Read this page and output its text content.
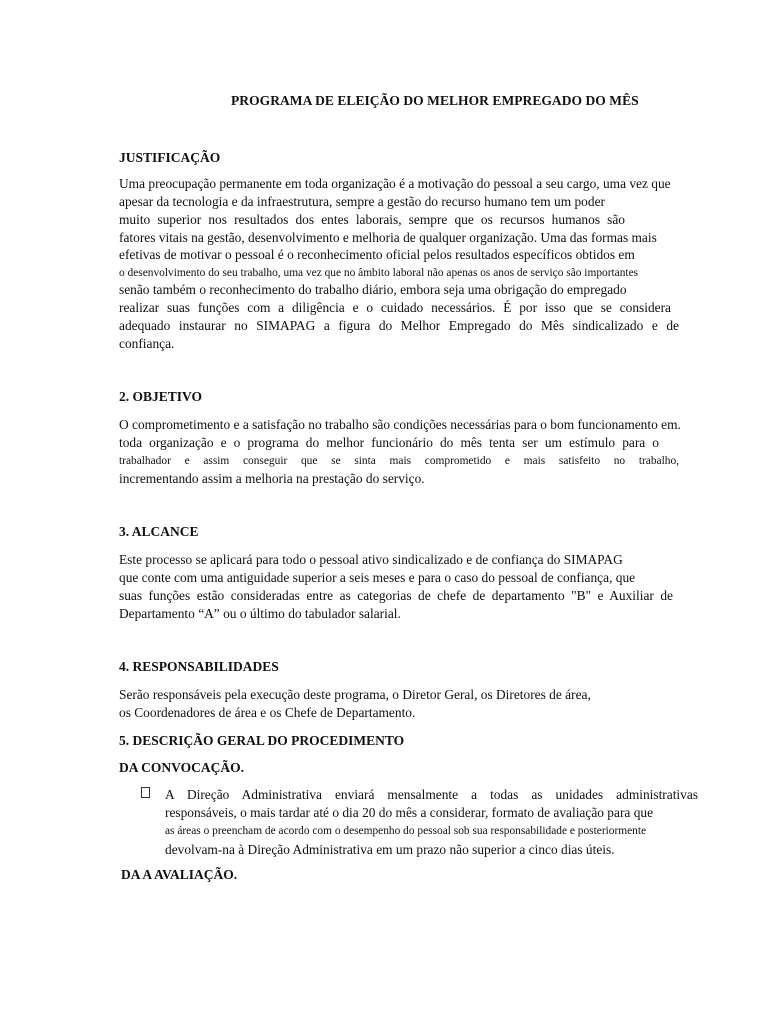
PROGRAMA DE ELEIÇÃO DO MELHOR EMPREGADO DO MÊS
JUSTIFICAÇÃO
Uma preocupação permanente em toda organização é a motivação do pessoal a seu cargo, uma vez que
apesar da tecnologia e da infraestrutura, sempre a gestão do recurso humano tem um poder
muito superior nos resultados dos entes laborais, sempre que os recursos humanos são
fatores vitais na gestão, desenvolvimento e melhoria de qualquer organização. Uma das formas mais
efetivas de motivar o pessoal é o reconhecimento oficial pelos resultados específicos obtidos em
o desenvolvimento do seu trabalho, uma vez que no âmbito laboral não apenas os anos de serviço são importantes
senão também o reconhecimento do trabalho diário, embora seja uma obrigação do empregado
realizar suas funções com a diligência e o cuidado necessários. É por isso que se considera
adequado instaurar no SIMAPAG a figura do Melhor Empregado do Mês sindicalizado e de
confiança.
2. OBJETIVO
O comprometimento e a satisfação no trabalho são condições necessárias para o bom funcionamento em.
toda organização e o programa do melhor funcionário do mês tenta ser um estímulo para o
trabalhador e assim conseguir que se sinta mais comprometido e mais satisfeito no trabalho,
incrementando assim a melhoria na prestação do serviço.
3. ALCANCE
Este processo se aplicará para todo o pessoal ativo sindicalizado e de confiança do SIMAPAG
que conte com uma antiguidade superior a seis meses e para o caso do pessoal de confiança, que
suas funções estão consideradas entre as categorias de chefe de departamento "B" e Auxiliar de
Departamento “A” ou o último do tabulador salarial.
4. RESPONSABILIDADES
Serão responsáveis pela execução deste programa, o Diretor Geral, os Diretores de área,
os Coordenadores de área e os Chefe de Departamento.
5. DESCRIÇÃO GERAL DO PROCEDIMENTO
DA CONVOCAÇÃO.
A Direção Administrativa enviará mensalmente a todas as unidades administrativas
responsáveis, o mais tardar até o dia 20 do mês a considerar, formato de avaliação para que
as áreas o preencham de acordo com o desempenho do pessoal sob sua responsabilidade e posteriormente
devolvam-na à Direção Administrativa em um prazo não superior a cinco dias úteis.
DA A AVALIAÇÃO.
